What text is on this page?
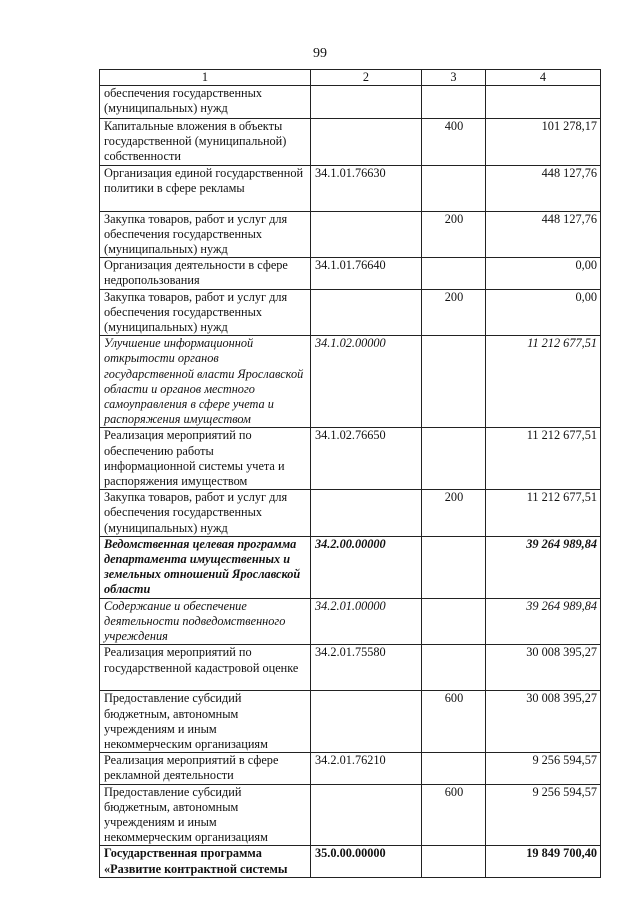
99
1	2	3	4
обеспечения государственных (муниципальных) нужд			
Капитальные вложения в объекты государственной (муниципальной) собственности		400	101 278,17
Организация единой государственной политики в сфере рекламы	34.1.01.76630		448 127,76
Закупка товаров, работ и услуг для обеспечения государственных (муниципальных) нужд		200	448 127,76
Организация деятельности в сфере недропользования	34.1.01.76640		0,00
Закупка товаров, работ и услуг для обеспечения государственных (муниципальных) нужд		200	0,00
Улучшение информационной открытости органов государственной власти Ярославской области и органов местного самоуправления в сфере учета и распоряжения имуществом	34.1.02.00000		11 212 677,51
Реализация мероприятий по обеспечению работы информационной системы учета и распоряжения имуществом	34.1.02.76650		11 212 677,51
Закупка товаров, работ и услуг для обеспечения государственных (муниципальных) нужд		200	11 212 677,51
Ведомственная целевая программа департамента имущественных и земельных отношений Ярославской области	34.2.00.00000		39 264 989,84
Содержание и обеспечение деятельности подведомственного учреждения	34.2.01.00000		39 264 989,84
Реализация мероприятий по государственной кадастровой оценке	34.2.01.75580		30 008 395,27
Предоставление субсидий бюджетным, автономным учреждениям и иным некоммерческим организациям		600	30 008 395,27
Реализация мероприятий в сфере рекламной деятельности	34.2.01.76210		9 256 594,57
Предоставление субсидий бюджетным, автономным учреждениям и иным некоммерческим организациям		600	9 256 594,57
Государственная программа «Развитие контрактной системы	35.0.00.00000		19 849 700,40
